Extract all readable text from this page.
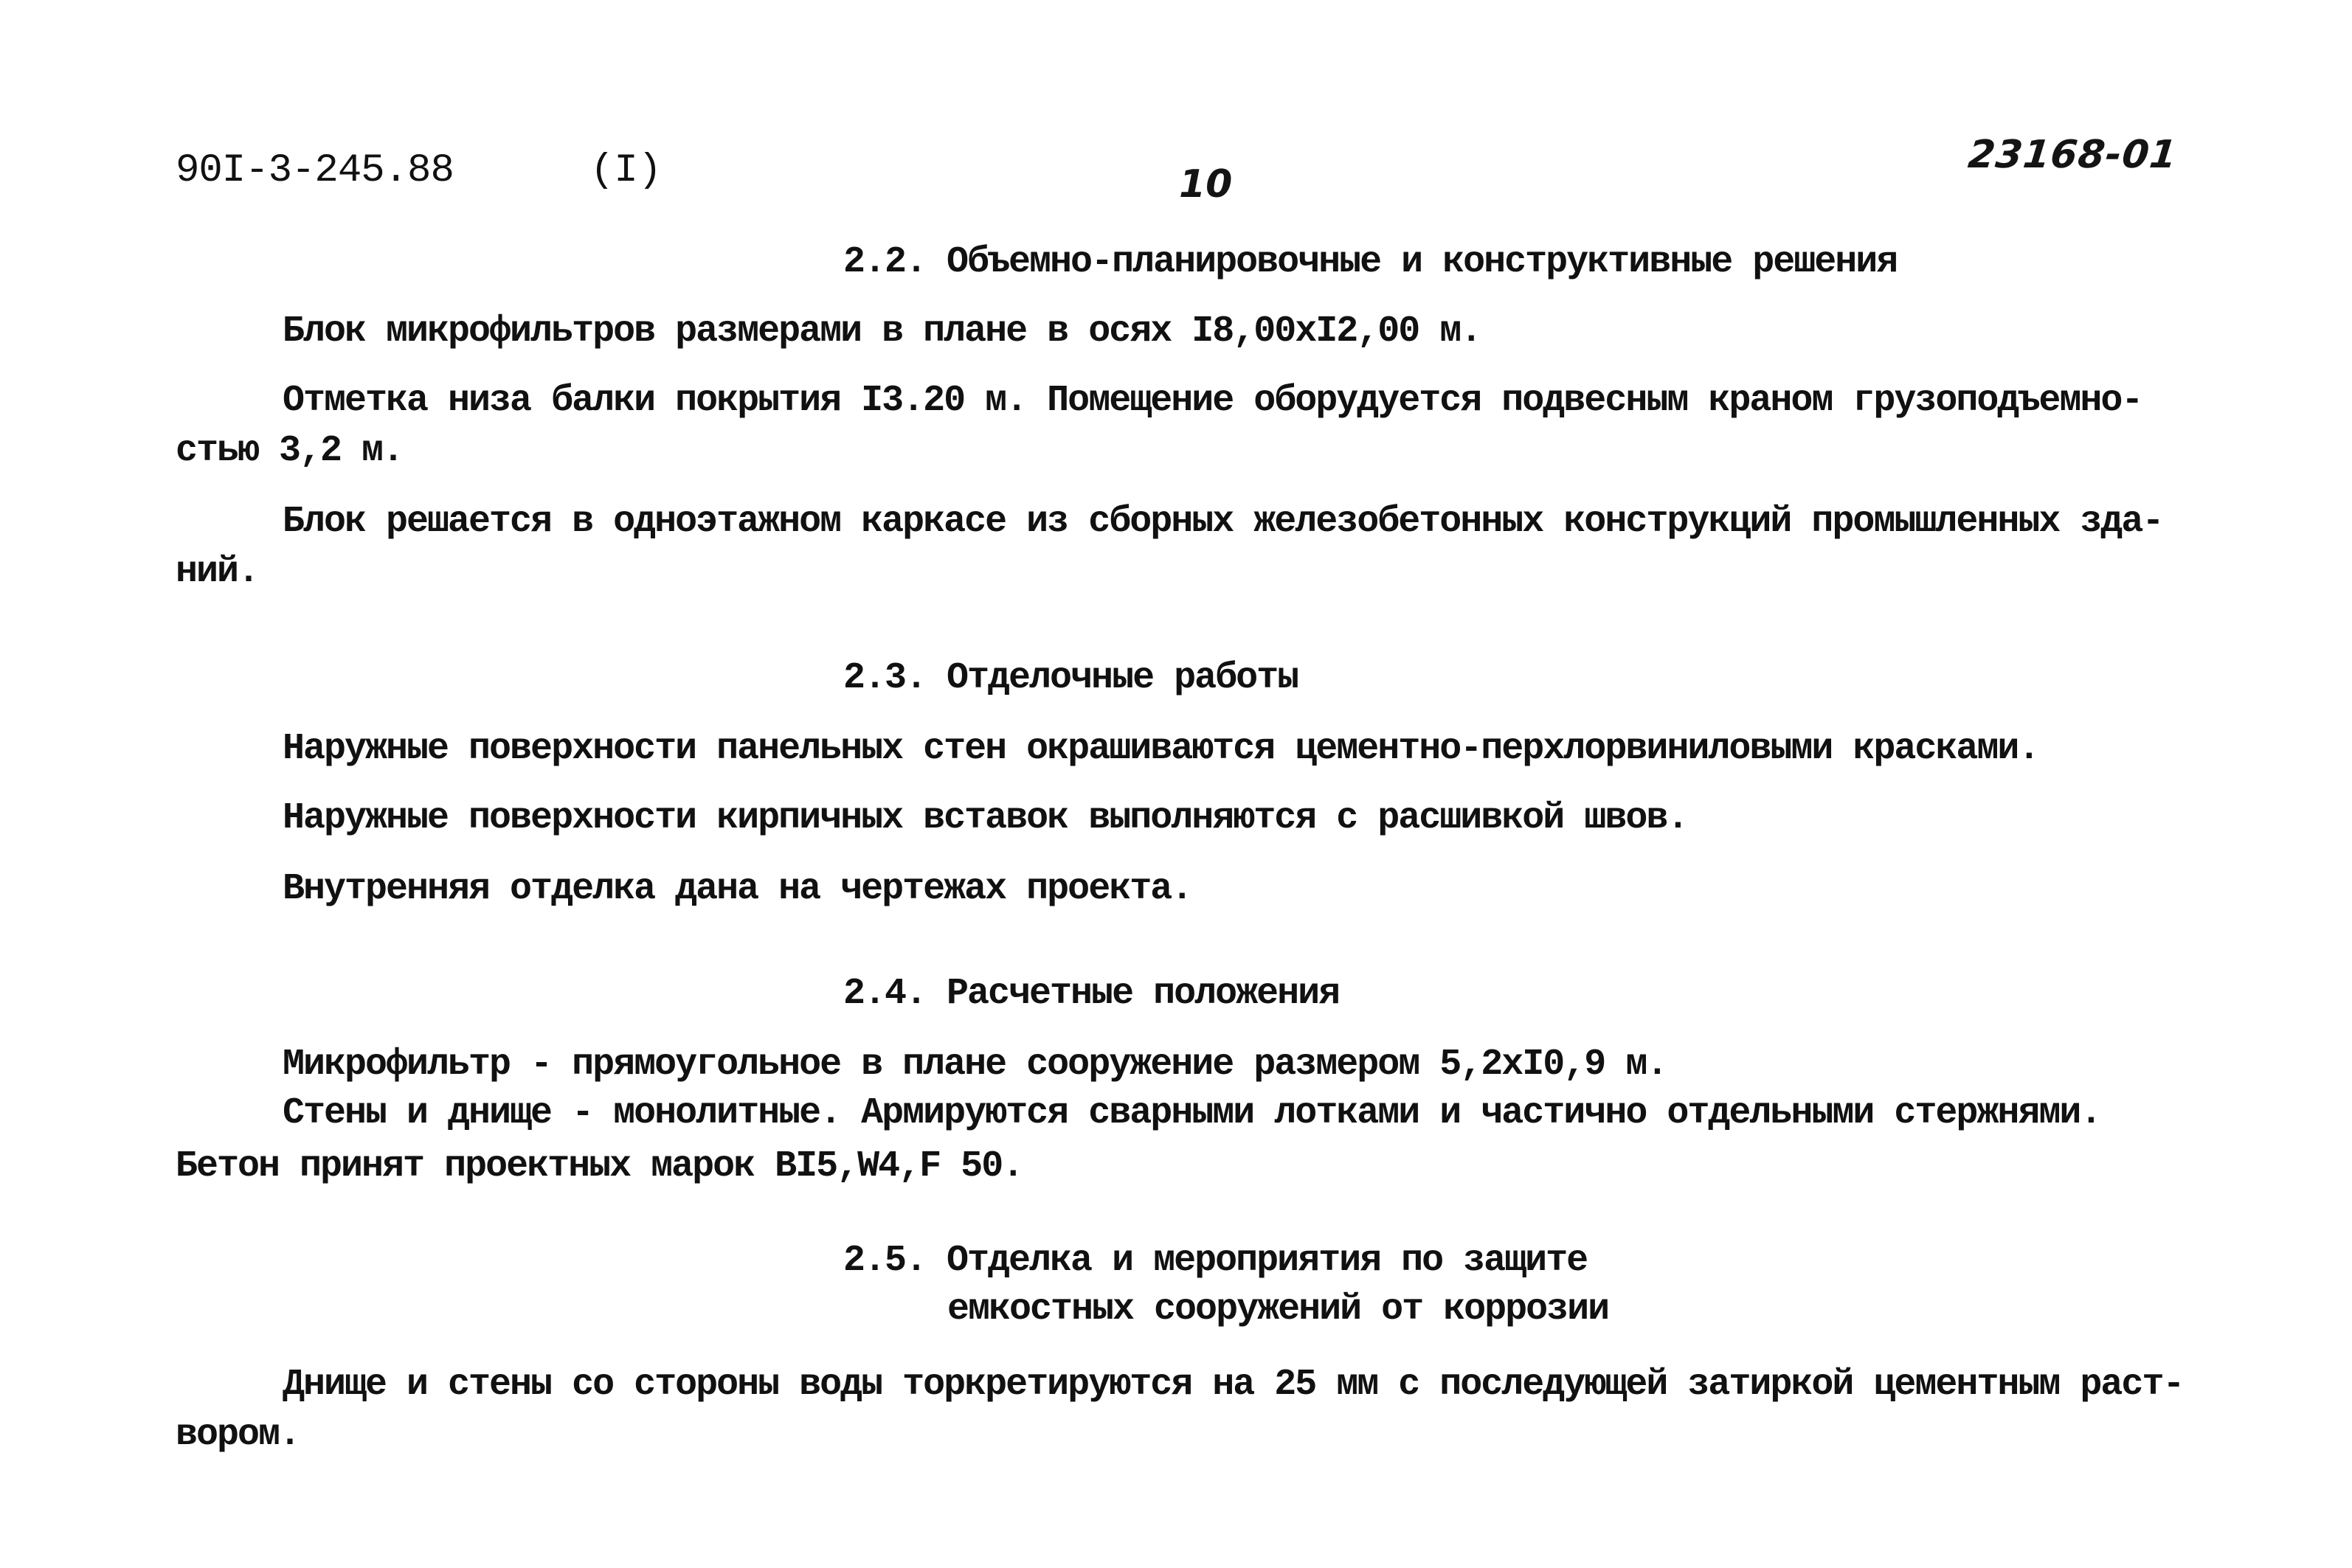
90I-3-245.88	(I)	10
23168-01
2.2. Объемно-планировочные и конструктивные решения
Блок микрофильтров размерами в плане в осях I8,00xI2,00 м.
Отметка низа балки покрытия I3.20 м. Помещение оборудуется подвесным краном грузоподъемно-
стью 3,2 м.
Блок решается в одноэтажном каркасе из сборных железобетонных конструкций промышленных зда-
ний.
2.3. Отделочные работы
Наружные поверхности панельных стен окрашиваются цементно-перхлорвиниловыми красками.
Наружные поверхности кирпичных вставок выполняются с расшивкой швов.
Внутренняя отделка дана на чертежах проекта.
2.4. Расчетные положения
Микрофильтр - прямоугольное в плане сооружение размером 5,2xI0,9 м.
Стены и днище - монолитные. Армируются сварными лотками и частично отдельными стержнями.
Бетон принят проектных марок BI5,W4,F 50.
2.5. Отделка и мероприятия по защите
емкостных сооружений от коррозии
Днище и стены со стороны воды торкретируются на 25 мм с последующей затиркой цементным раст-
вором.
